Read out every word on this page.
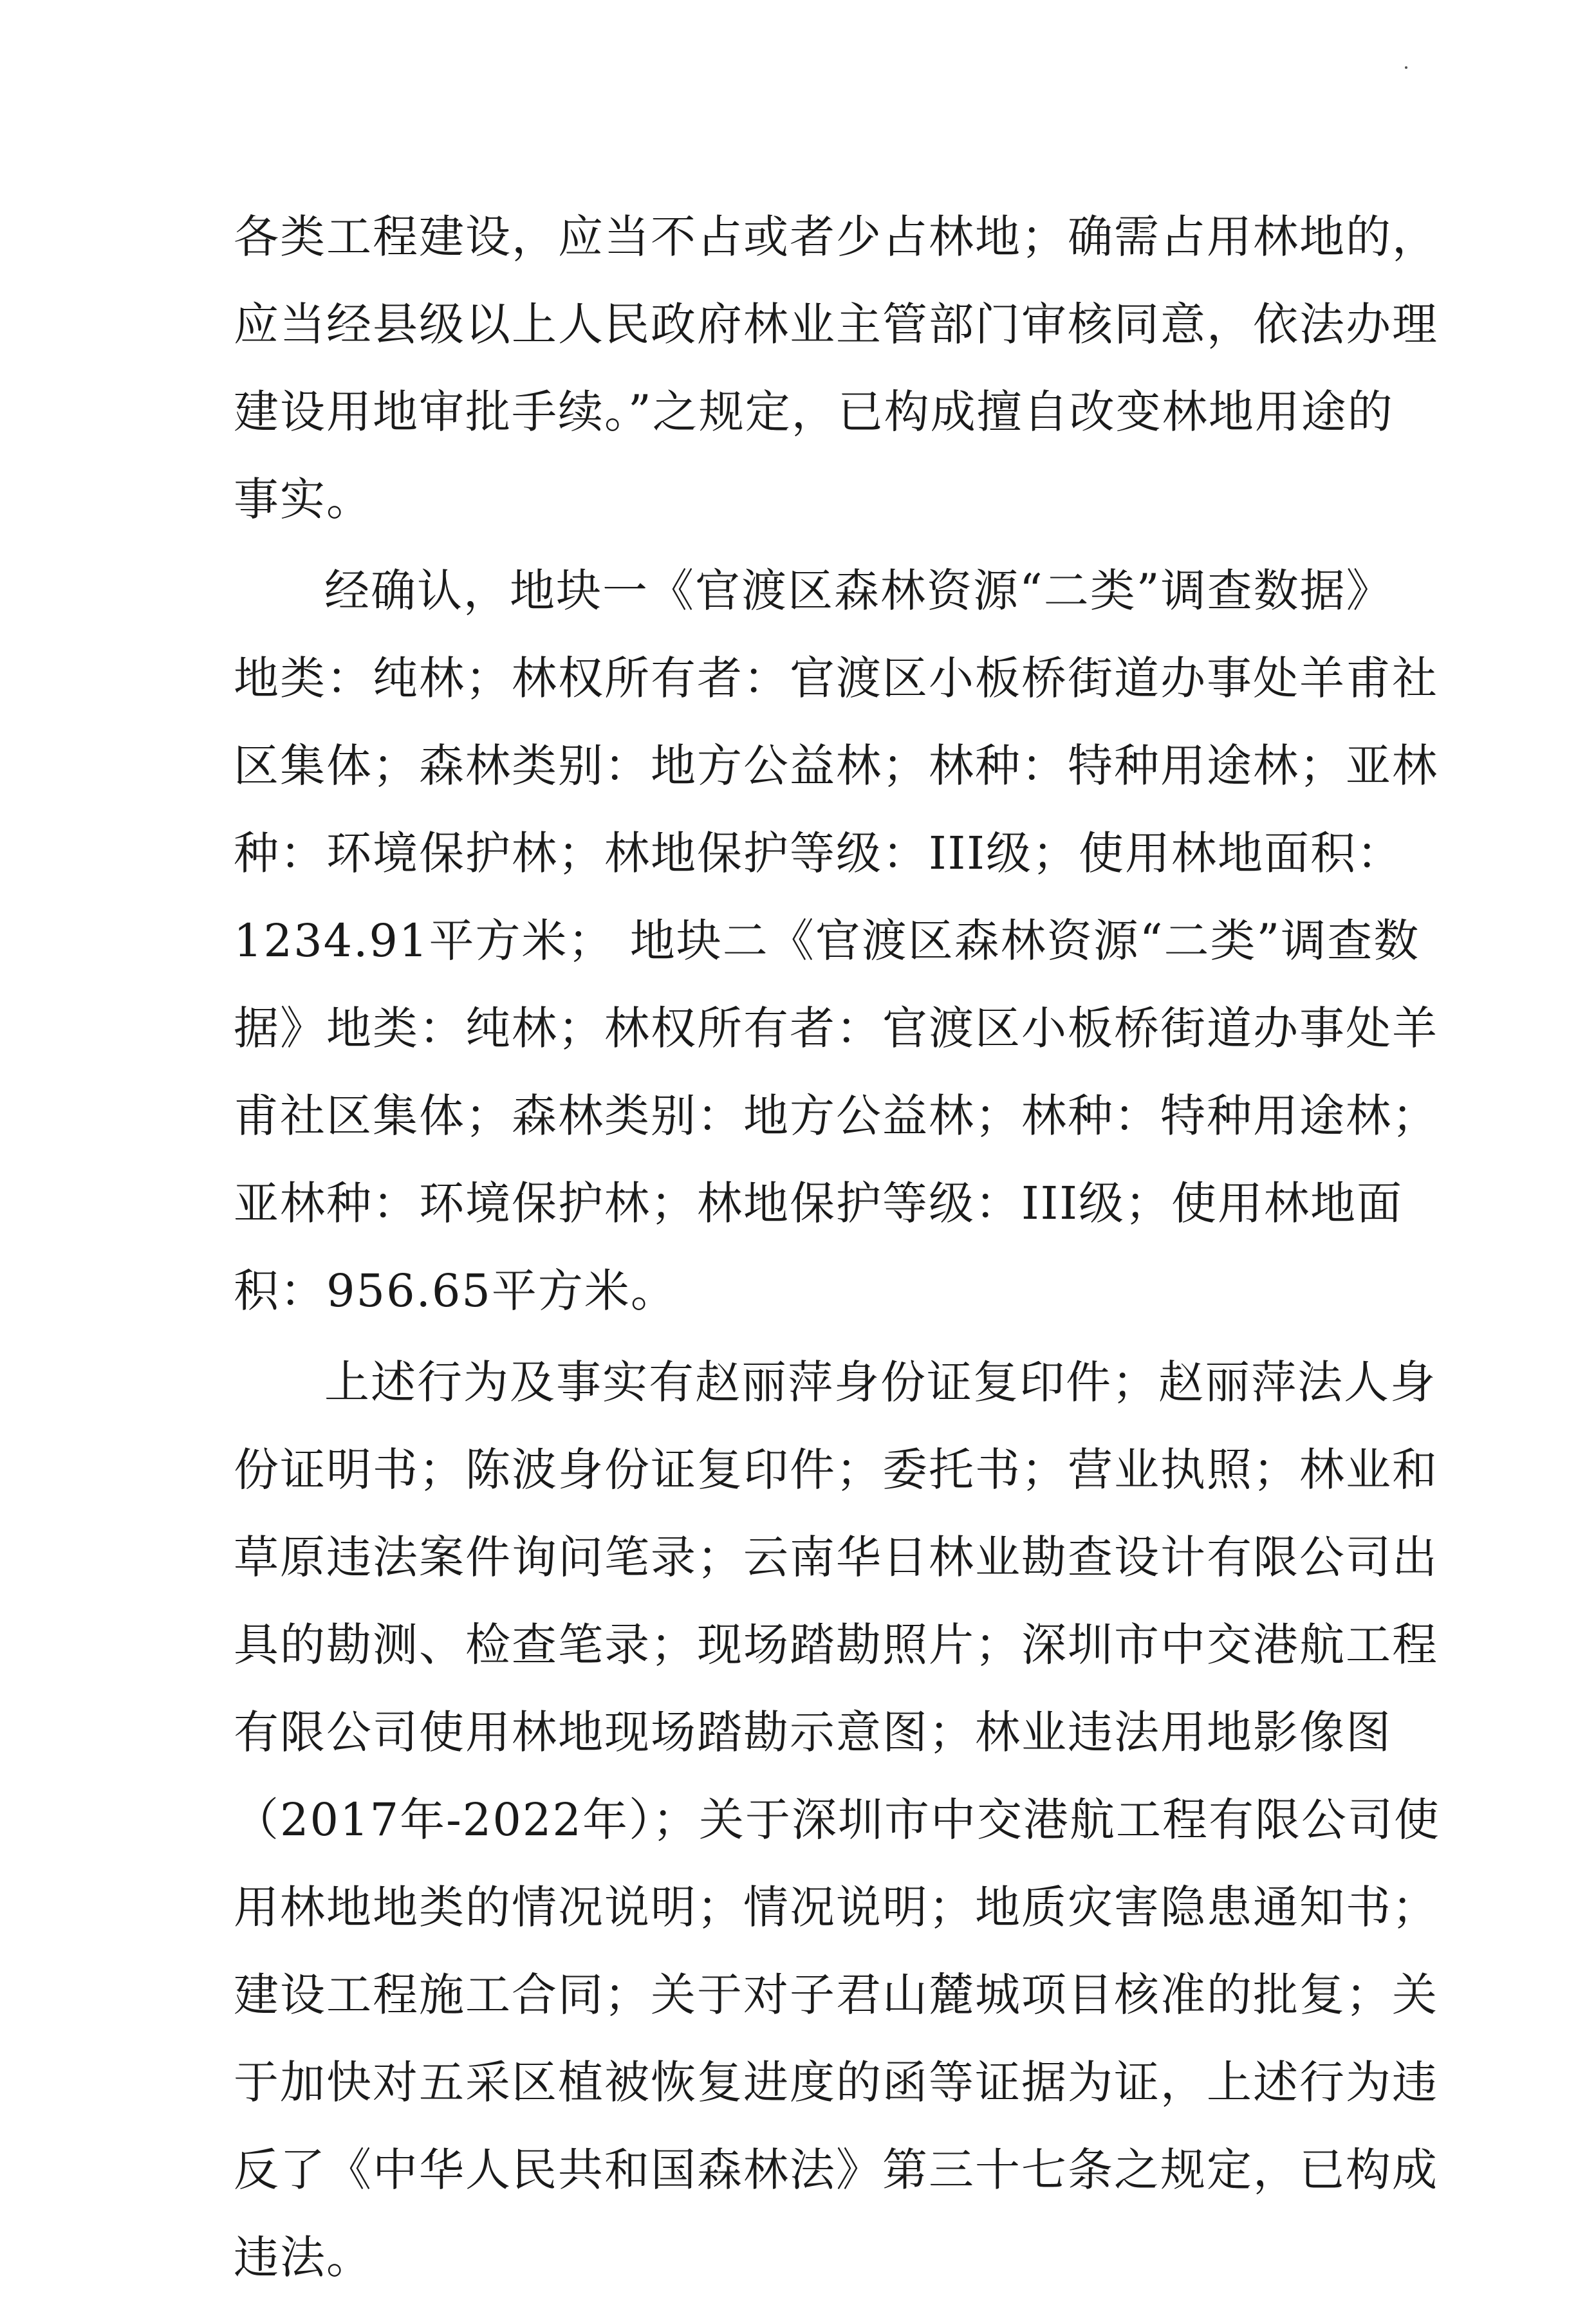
各类工程建设，应当不占或者少占林地；确需占用林地的，
应当经县级以上人民政府林业主管部门审核同意，依法办理
建设用地审批手续。”之规定，已构成擅自改变林地用途的
事实。
经确认，地块一《官渡区森林资源“二类”调查数据》
地类：纯林；林权所有者：官渡区小板桥街道办事处羊甫社
区集体；森林类别：地方公益林；林种：特种用途林；亚林
种：环境保护林；林地保护等级：III级；使用林地面积：
1234.91平方米； 地块二《官渡区森林资源“二类”调查数
据》地类：纯林；林权所有者：官渡区小板桥街道办事处羊
甫社区集体；森林类别：地方公益林；林种：特种用途林；
亚林种：环境保护林；林地保护等级：III级；使用林地面
积：956.65平方米。
上述行为及事实有赵丽萍身份证复印件；赵丽萍法人身
份证明书；陈波身份证复印件；委托书；营业执照；林业和
草原违法案件询问笔录；云南华日林业勘查设计有限公司出
具的勘测、检查笔录；现场踏勘照片；深圳市中交港航工程
有限公司使用林地现场踏勘示意图；林业违法用地影像图
（2017年-2022年）；关于深圳市中交港航工程有限公司使
用林地地类的情况说明；情况说明；地质灾害隐患通知书；
建设工程施工合同；关于对子君山麓城项目核准的批复；关
于加快对五采区植被恢复进度的函等证据为证，上述行为违
反了《中华人民共和国森林法》第三十七条之规定，已构成
违法。
